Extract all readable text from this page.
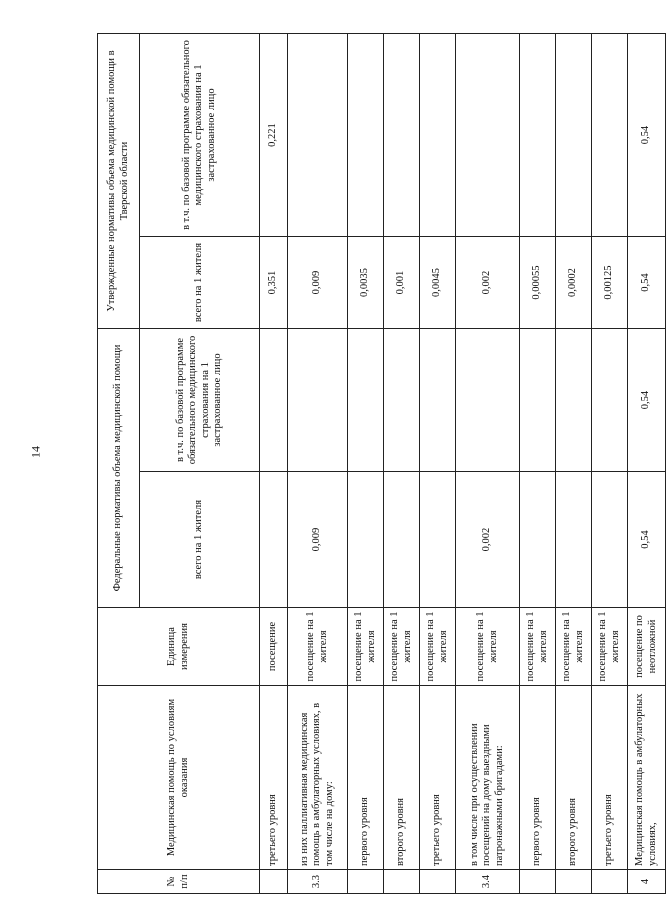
14
№ п/п	Медицинская помощь по условиям оказания	Единица измерения	Федеральные нормативы объема медицинской помощи		Утвержденные нормативы объема медицинской помощи в Тверской области	
			всего на 1 жителя	в т.ч. по базовой программе обязательного медицинского страхования на 1 застрахованное лицо	всего на 1 жителя	в т.ч. по базовой программе обязательного медицинского страхования на 1 застрахованное лицо
	третьего уровня	посещение			0,351	0,221
3.3	из них паллиативная медицинская помощь в амбулаторных условиях, в том числе на дому:	посещение на 1 жителя	0,009		0,009	
	первого уровня	посещение на 1 жителя			0,0035	
	второго уровня	посещение на 1 жителя			0,001	
	третьего уровня	посещение на 1 жителя			0,0045	
3.4	в том числе при осуществлении посещений на дому выездными патронажными бригадами:	посещение на 1 жителя	0,002		0,002	
	первого уровня	посещение на 1 жителя			0,00055	
	второго уровня	посещение на 1 жителя			0,0002	
	третьего уровня	посещение на 1 жителя			0,00125	
4	Медицинская помощь в амбулаторных условиях,	посещение по неотложной	0,54	0,54	0,54	0,54
